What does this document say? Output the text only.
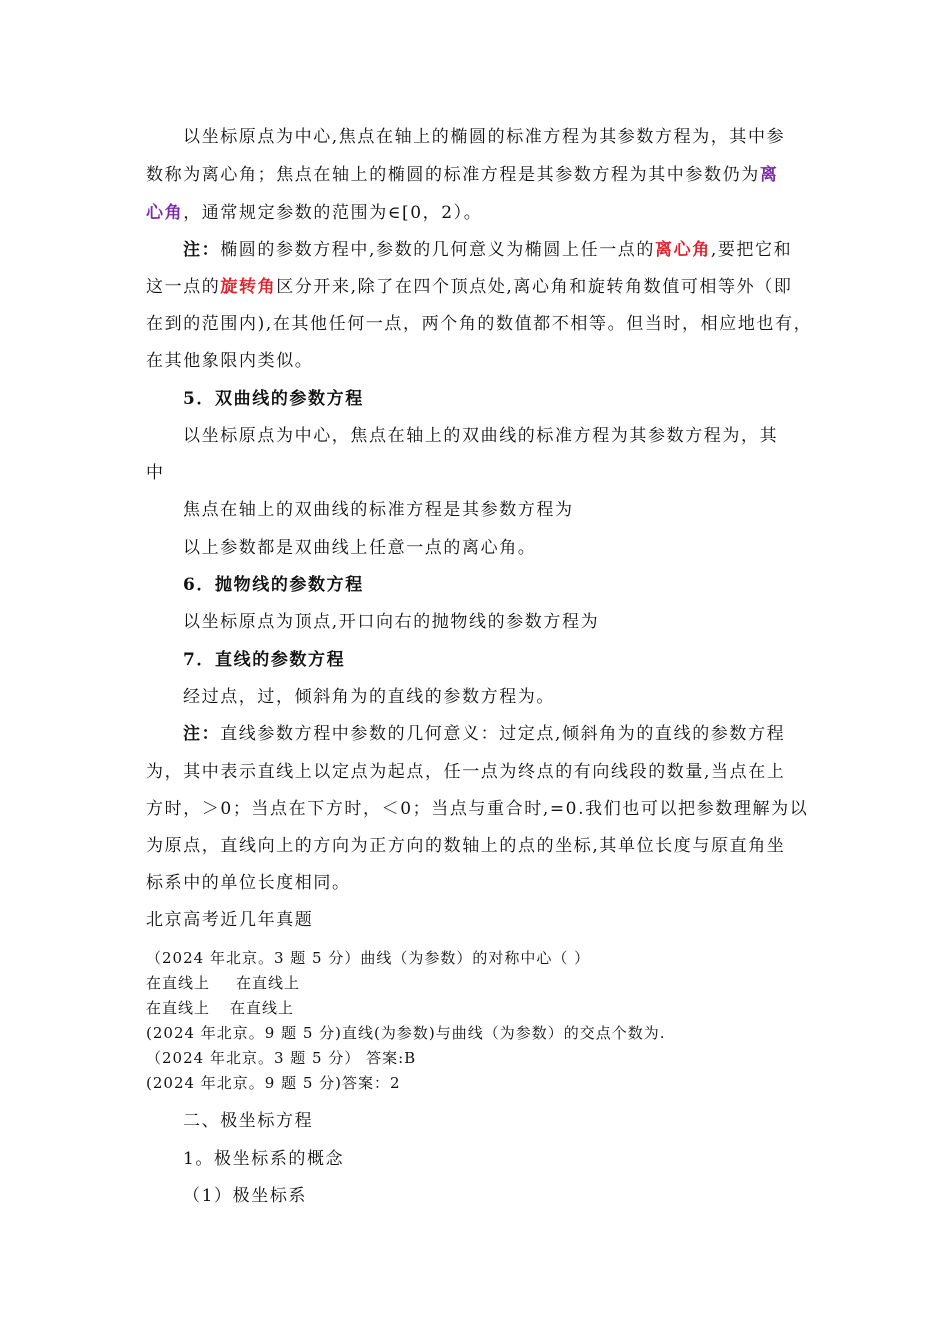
以坐标原点为中心,焦点在轴上的椭圆的标准方程为其参数方程为，其中参
数称为离心角；焦点在轴上的椭圆的标准方程是其参数方程为其中参数仍为离
心角，通常规定参数的范围为∈[0，2）。
注：椭圆的参数方程中,参数的几何意义为椭圆上任一点的离心角,要把它和
这一点的旋转角区分开来,除了在四个顶点处,离心角和旋转角数值可相等外（即
在到的范围内),在其他任何一点，两个角的数值都不相等。但当时，相应地也有，
在其他象限内类似。
5．双曲线的参数方程
以坐标原点为中心，焦点在轴上的双曲线的标准方程为其参数方程为，其
中
焦点在轴上的双曲线的标准方程是其参数方程为
以上参数都是双曲线上任意一点的离心角。
6．抛物线的参数方程
以坐标原点为顶点,开口向右的抛物线的参数方程为
7．直线的参数方程
经过点，过，倾斜角为的直线的参数方程为。
注：直线参数方程中参数的几何意义：过定点,倾斜角为的直线的参数方程
为，其中表示直线上以定点为起点，任一点为终点的有向线段的数量,当点在上
方时，＞0；当点在下方时，＜0；当点与重合时,=0.我们也可以把参数理解为以
为原点，直线向上的方向为正方向的数轴上的点的坐标,其单位长度与原直角坐
标系中的单位长度相同。
北京高考近几年真题
（2024 年北京。3 题 5 分）曲线（为参数）的对称中心（ ）
在直线上 在直线上
在直线上 在直线上
(2024 年北京。9 题 5 分)直线(为参数)与曲线（为参数）的交点个数为.
（2024 年北京。3 题 5 分） 答案:B
(2024 年北京。9 题 5 分)答案：2
二、极坐标方程
1。极坐标系的概念
（1）极坐标系
